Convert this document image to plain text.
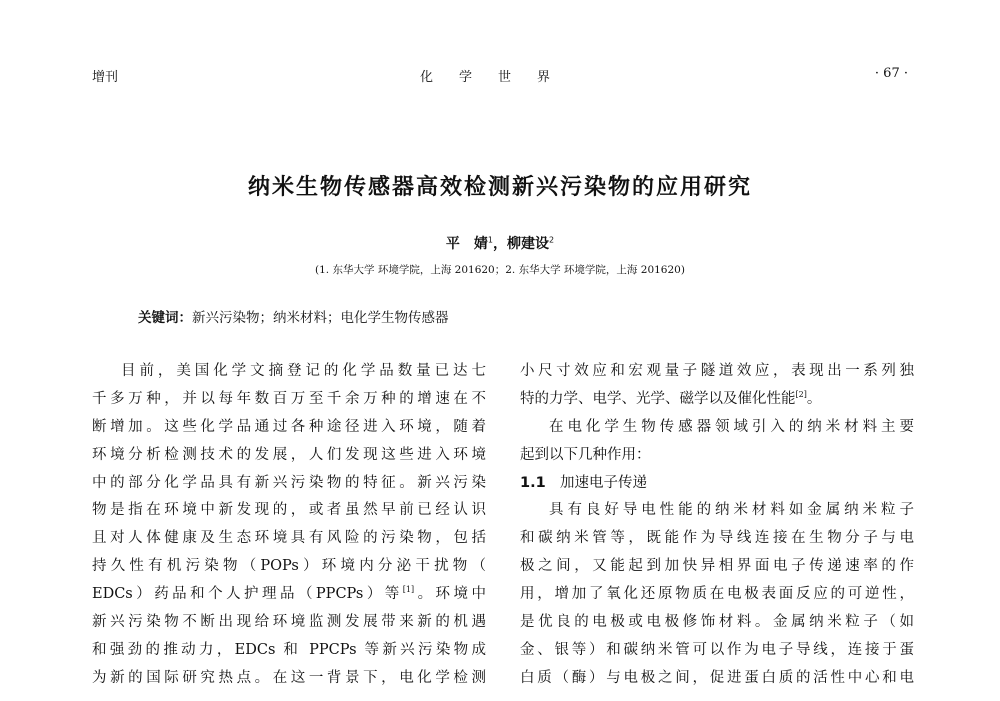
增刊	化学世界	· 67 ·
纳米生物传感器高效检测新兴污染物的应用研究
平　婧$^1$，柳建设$^2$
(1. 东华大学 环境学院，上海 201620；2. 东华大学 环境学院，上海 201620)
关键词：新兴污染物；纳米材料；电化学生物传感器
目前，美国化学文摘登记的化学品数量已达七
千多万种，并以每年数百万至千余万种的增速在不
断增加。这些化学品通过各种途径进入环境，随着
环境分析检测技术的发展，人们发现这些进入环境
中的部分化学品具有新兴污染物的特征。新兴污染
物是指在环境中新发现的，或者虽然早前已经认识
且对人体健康及生态环境具有风险的污染物，包括
持久性有机污染物（POPs）环境内分泌干扰物（
EDCs）药品和个人护理品（PPCPs）等[1]。环境中
新兴污染物不断出现给环境监测发展带来新的机遇
和强劲的推动力，EDCs 和 PPCPs 等新兴污染物成
为新的国际研究热点。在这一背景下，电化学检测
小尺寸效应和宏观量子隧道效应，表现出一系列独
特的力学、电学、光学、磁学以及催化性能[2]。
在电化学生物传感器领域引入的纳米材料主要
起到以下几种作用：
1.1 加速电子传递
具有良好导电性能的纳米材料如金属纳米粒子
和碳纳米管等，既能作为导线连接在生物分子与电
极之间，又能起到加快异相界面电子传递速率的作
用，增加了氧化还原物质在电极表面反应的可逆性，
是优良的电极或电极修饰材料。金属纳米粒子（如
金、银等）和碳纳米管可以作为电子导线，连接于蛋
白质（酶）与电极之间，促进蛋白质的活性中心和电
